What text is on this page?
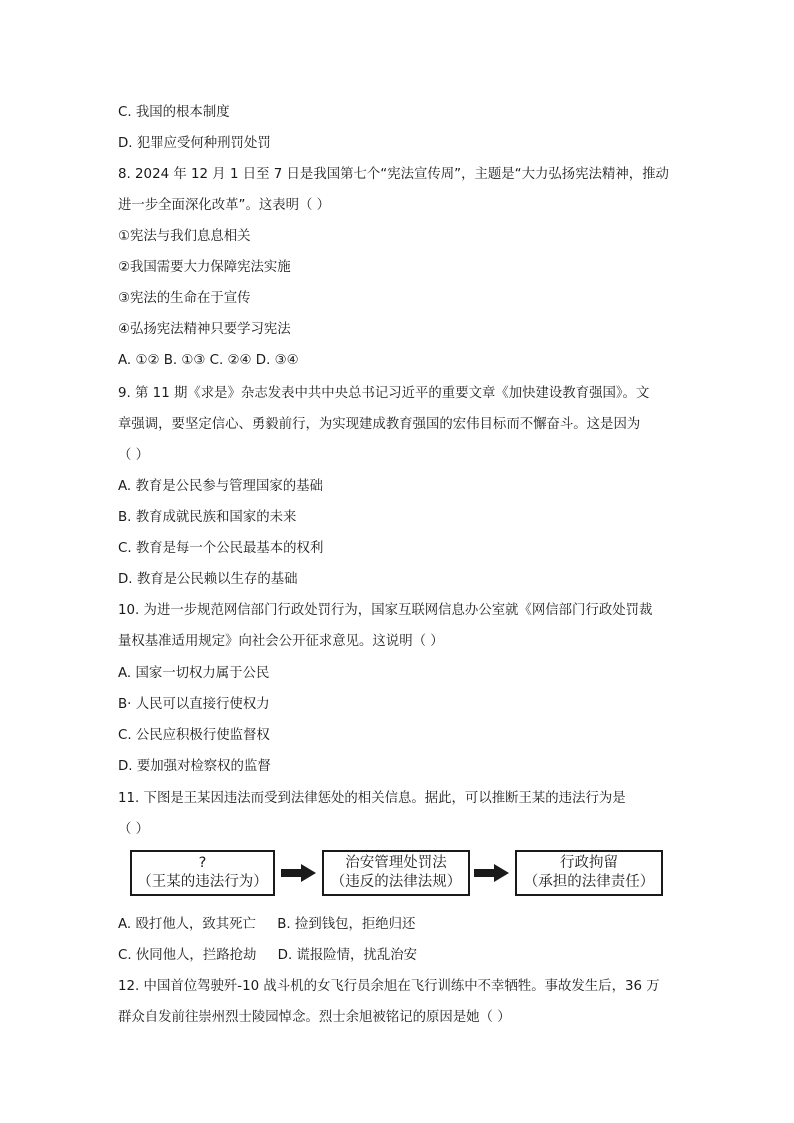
C. 我国的根本制度
D. 犯罪应受何种刑罚处罚
8. 2024 年 12 月 1 日至 7 日是我国第七个“宪法宣传周”，主题是“大力弘扬宪法精神，推动
进一步全面深化改革”。这表明（ ）
①宪法与我们息息相关
②我国需要大力保障宪法实施
③宪法的生命在于宣传
④弘扬宪法精神只要学习宪法
A. ①② B. ①③ C. ②④ D. ③④
9. 第 11 期《求是》杂志发表中共中央总书记习近平的重要文章《加快建设教育强国》。文
章强调，要坚定信心、勇毅前行，为实现建成教育强国的宏伟目标而不懈奋斗。这是因为
（ ）
A. 教育是公民参与管理国家的基础
B. 教育成就民族和国家的未来
C. 教育是每一个公民最基本的权利
D. 教育是公民赖以生存的基础
10. 为进一步规范网信部门行政处罚行为，国家互联网信息办公室就《网信部门行政处罚裁
量权基准适用规定》向社会公开征求意见。这说明（ ）
A. 国家一切权力属于公民
B· 人民可以直接行使权力
C. 公民应积极行使监督权
D. 要加强对检察权的监督
11. 下图是王某因违法而受到法律惩处的相关信息。据此，可以推断王某的违法行为是
（ ）
?
（王某的违法行为）
治安管理处罚法
（违反的法律法规）
行政拘留
（承担的法律责任）
A. 殴打他人，致其死亡     B. 捡到钱包，拒绝归还
C. 伙同他人，拦路抢劫     D. 谎报险情，扰乱治安
12. 中国首位驾驶歼-10 战斗机的女飞行员余旭在飞行训练中不幸牺牲。事故发生后，36 万
群众自发前往崇州烈士陵园悼念。烈士余旭被铭记的原因是她（ ）
